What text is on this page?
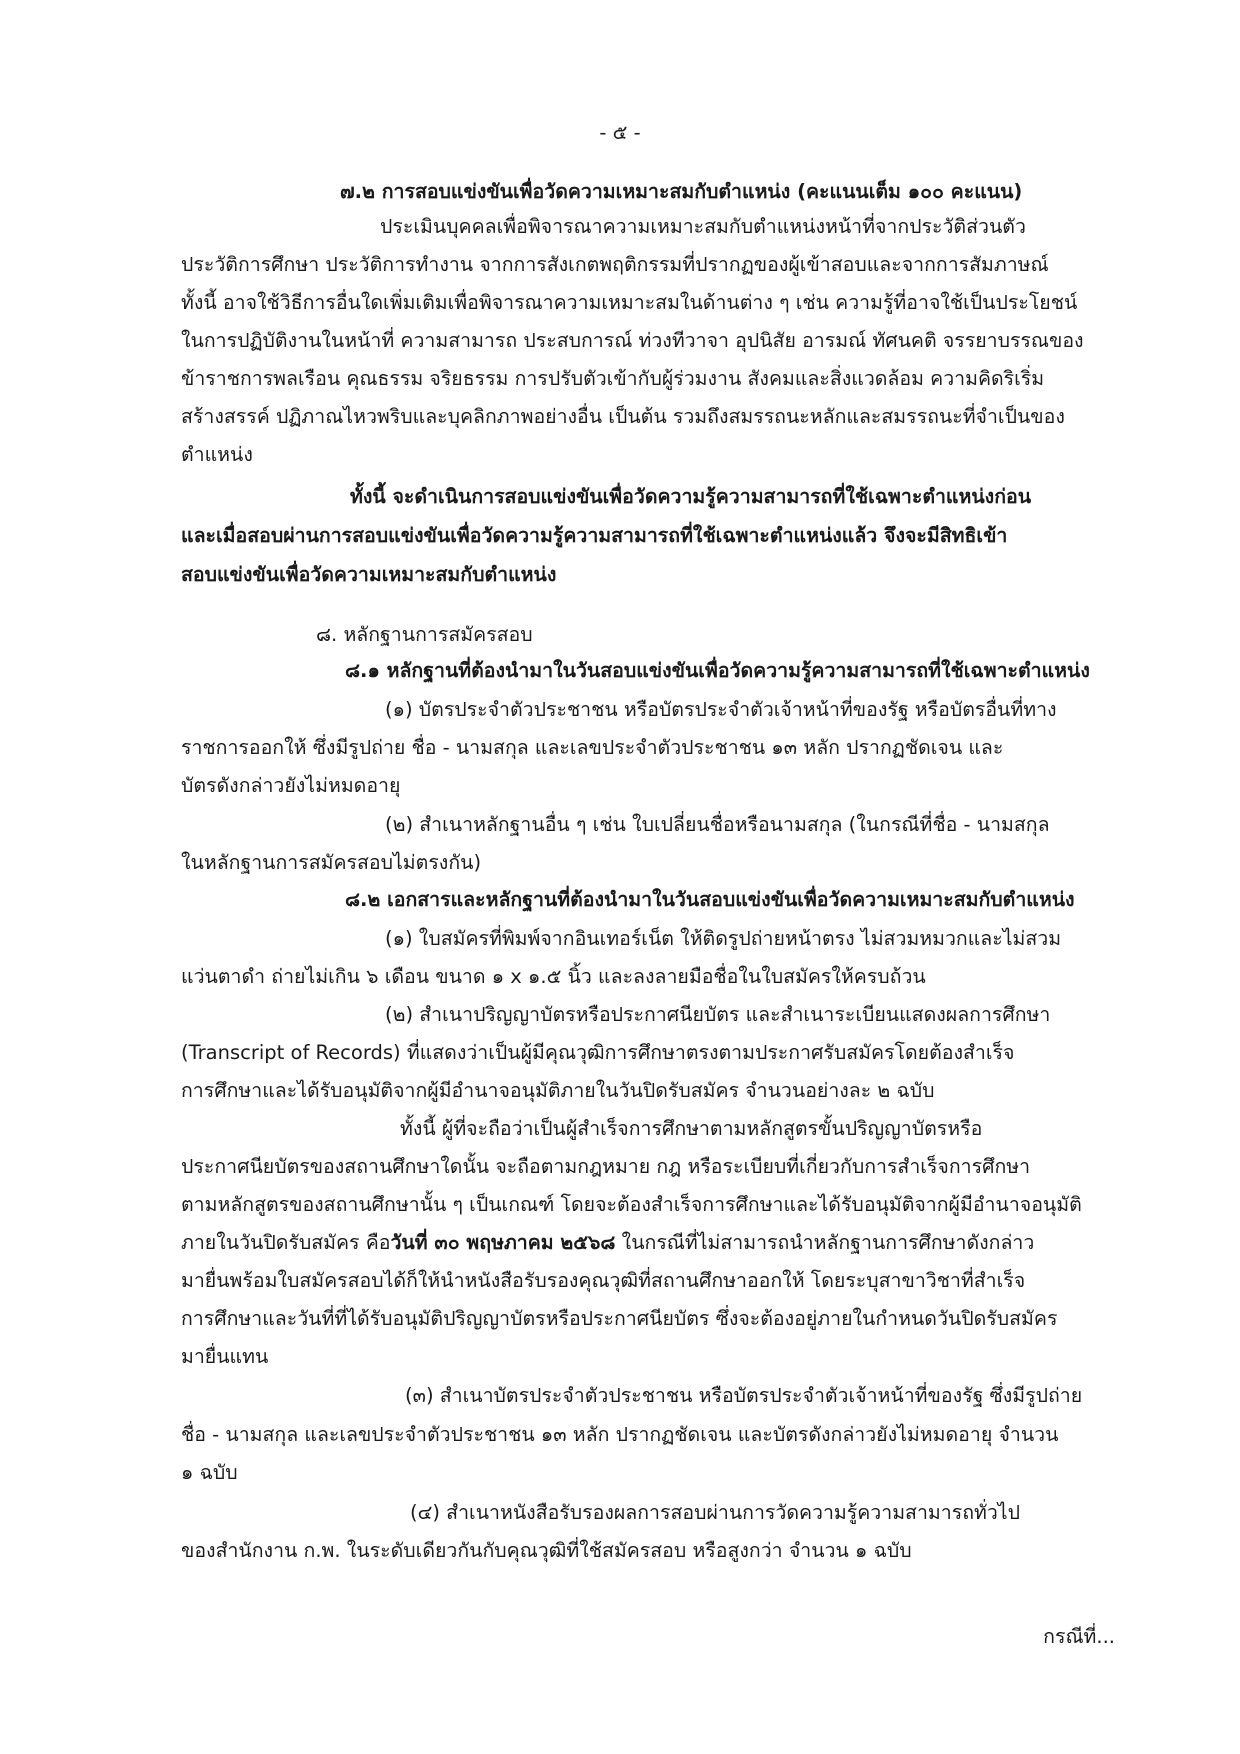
- ๕ -

๗.๒ การสอบแข่งขันเพื่อวัดความเหมาะสมกับตำแหน่ง (คะแนนเต็ม ๑๐๐ คะแนน)

ประเมินบุคคลเพื่อพิจารณาความเหมาะสมกับตำแหน่งหน้าที่จากประวัติส่วนตัว

ประวัติการศึกษา ประวัติการทำงาน จากการสังเกตพฤติกรรมที่ปรากฏของผู้เข้าสอบและจากการสัมภาษณ์

ทั้งนี้ อาจใช้วิธีการอื่นใดเพิ่มเติมเพื่อพิจารณาความเหมาะสมในด้านต่าง ๆ เช่น ความรู้ที่อาจใช้เป็นประโยชน์

ในการปฏิบัติงานในหน้าที่ ความสามารถ ประสบการณ์ ท่วงทีวาจา อุปนิสัย อารมณ์ ทัศนคติ จรรยาบรรณของ

ข้าราชการพลเรือน คุณธรรม จริยธรรม การปรับตัวเข้ากับผู้ร่วมงาน สังคมและสิ่งแวดล้อม ความคิดริเริ่ม

สร้างสรรค์ ปฏิภาณไหวพริบและบุคลิกภาพอย่างอื่น เป็นต้น รวมถึงสมรรถนะหลักและสมรรถนะที่จำเป็นของ

ตำแหน่ง

ทั้งนี้ จะดำเนินการสอบแข่งขันเพื่อวัดความรู้ความสามารถที่ใช้เฉพาะตำแหน่งก่อน

และเมื่อสอบผ่านการสอบแข่งขันเพื่อวัดความรู้ความสามารถที่ใช้เฉพาะตำแหน่งแล้ว จึงจะมีสิทธิเข้า

สอบแข่งขันเพื่อวัดความเหมาะสมกับตำแหน่ง

๘. หลักฐานการสมัครสอบ

๘.๑ หลักฐานที่ต้องนำมาในวันสอบแข่งขันเพื่อวัดความรู้ความสามารถที่ใช้เฉพาะตำแหน่ง

(๑) บัตรประจำตัวประชาชน หรือบัตรประจำตัวเจ้าหน้าที่ของรัฐ หรือบัตรอื่นที่ทาง

ราชการออกให้ ซึ่งมีรูปถ่าย ชื่อ - นามสกุล และเลขประจำตัวประชาชน ๑๓ หลัก ปรากฏชัดเจน และ

บัตรดังกล่าวยังไม่หมดอายุ

(๒) สำเนาหลักฐานอื่น ๆ เช่น ใบเปลี่ยนชื่อหรือนามสกุล (ในกรณีที่ชื่อ - นามสกุล

ในหลักฐานการสมัครสอบไม่ตรงกัน)

๘.๒ เอกสารและหลักฐานที่ต้องนำมาในวันสอบแข่งขันเพื่อวัดความเหมาะสมกับตำแหน่ง

(๑) ใบสมัครที่พิมพ์จากอินเทอร์เน็ต ให้ติดรูปถ่ายหน้าตรง ไม่สวมหมวกและไม่สวม

แว่นตาดำ ถ่ายไม่เกิน ๖ เดือน ขนาด ๑ x ๑.๕ นิ้ว และลงลายมือชื่อในใบสมัครให้ครบถ้วน

(๒) สำเนาปริญญาบัตรหรือประกาศนียบัตร และสำเนาระเบียนแสดงผลการศึกษา

(Transcript of Records) ที่แสดงว่าเป็นผู้มีคุณวุฒิการศึกษาตรงตามประกาศรับสมัครโดยต้องสำเร็จ

การศึกษาและได้รับอนุมัติจากผู้มีอำนาจอนุมัติภายในวันปิดรับสมัคร จำนวนอย่างละ ๒ ฉบับ

ทั้งนี้ ผู้ที่จะถือว่าเป็นผู้สำเร็จการศึกษาตามหลักสูตรขั้นปริญญาบัตรหรือ

ประกาศนียบัตรของสถานศึกษาใดนั้น จะถือตามกฎหมาย กฎ หรือระเบียบที่เกี่ยวกับการสำเร็จการศึกษา

ตามหลักสูตรของสถานศึกษานั้น ๆ เป็นเกณฑ์ โดยจะต้องสำเร็จการศึกษาและได้รับอนุมัติจากผู้มีอำนาจอนุมัติ

ภายในวันปิดรับสมัคร คือวันที่ ๓๐ พฤษภาคม ๒๕๖๘ ในกรณีที่ไม่สามารถนำหลักฐานการศึกษาดังกล่าว

มายื่นพร้อมใบสมัครสอบได้ก็ให้นำหนังสือรับรองคุณวุฒิที่สถานศึกษาออกให้ โดยระบุสาขาวิชาที่สำเร็จ

การศึกษาและวันที่ที่ได้รับอนุมัติปริญญาบัตรหรือประกาศนียบัตร ซึ่งจะต้องอยู่ภายในกำหนดวันปิดรับสมัคร

มายื่นแทน

(๓) สำเนาบัตรประจำตัวประชาชน หรือบัตรประจำตัวเจ้าหน้าที่ของรัฐ ซึ่งมีรูปถ่าย

ชื่อ - นามสกุล และเลขประจำตัวประชาชน ๑๓ หลัก ปรากฏชัดเจน และบัตรดังกล่าวยังไม่หมดอายุ จำนวน

๑ ฉบับ

(๔) สำเนาหนังสือรับรองผลการสอบผ่านการวัดความรู้ความสามารถทั่วไป

ของสำนักงาน ก.พ. ในระดับเดียวกันกับคุณวุฒิที่ใช้สมัครสอบ หรือสูงกว่า จำนวน ๑ ฉบับ

กรณีที่...
